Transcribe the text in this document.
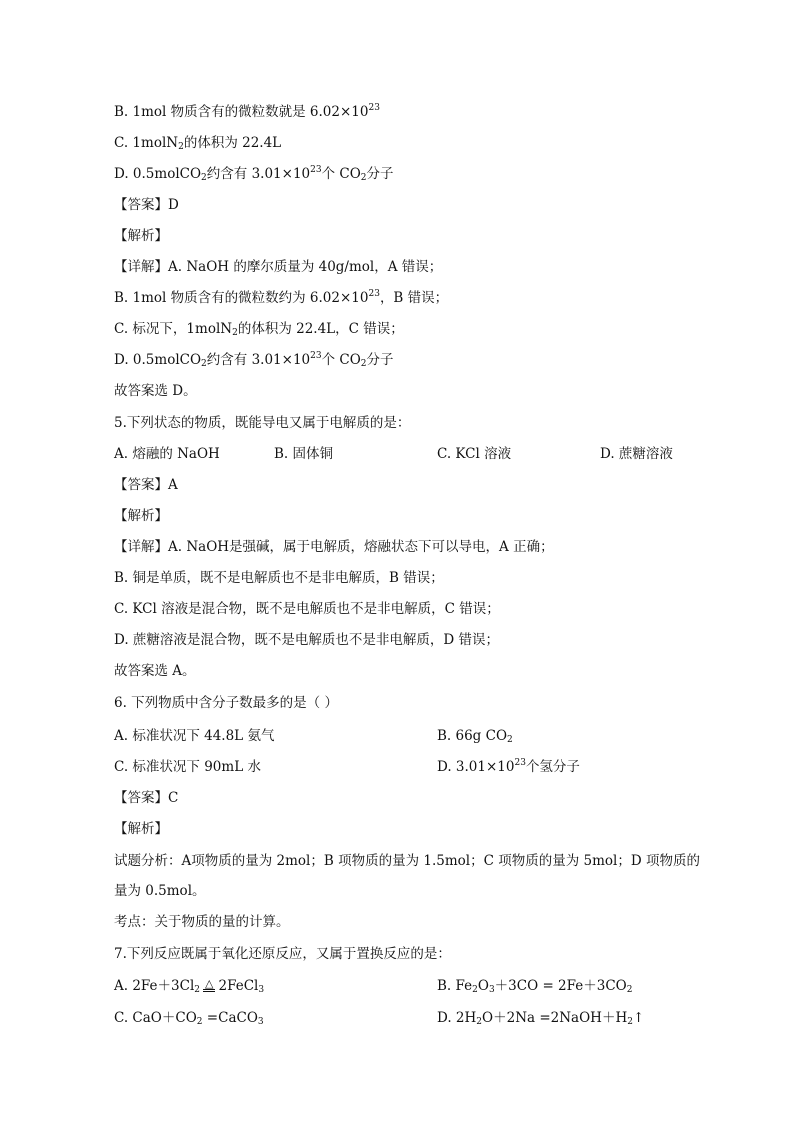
B. 1mol 物质含有的微粒数就是 $6.02\times 10^{23}$
C. 1molN$_2$的体积为 22.4L
D. 0.5molCO$_2$约含有 $3.01\times 10^{23}$个 $CO_2$分子
【答案】D
【解析】
【详解】A. NaOH 的摩尔质量为 40g/mol，A 错误；
B. 1mol 物质含有的微粒数约为 $6.02\times 10^{23}$，B 错误；
C. 标况下，1molN$_2$的体积为 22.4L，C 错误；
D. 0.5molCO$_2$约含有 $3.01\times 10^{23}$个 $CO_2$分子
故答案选 D。
5.下列状态的物质，既能导电又属于电解质的是：
A. 熔融的 NaOH	B. 固体铜	C. KCl 溶液	D. 蔗糖溶液
【答案】A
【解析】
【详解】A. NaOH是强碱，属于电解质，熔融状态下可以导电，A 正确；
B. 铜是单质，既不是电解质也不是非电解质，B 错误；
C. KCl 溶液是混合物，既不是电解质也不是非电解质，C 错误；
D. 蔗糖溶液是混合物，既不是电解质也不是非电解质，D 错误；
故答案选 A。
6. 下列物质中含分子数最多的是（ ）
A. 标准状况下 44.8L 氨气	B. 66g $CO_2$
C. 标准状况下 90mL 水	D. $3.01\times 10^{23}$个氢分子
【答案】C
【解析】
试题分析：A项物质的量为 2mol；B 项物质的量为 1.5mol；C 项物质的量为 5mol；D 项物质的
量为 0.5mol。
考点：关于物质的量的计算。
7.下列反应既属于氧化还原反应，又属于置换反应的是：
A. $2Fe+3Cl_2$ △ 2FeCl$_3$	B. $Fe_2O_3+3CO = 2Fe+3CO_2$
C. $CaO+CO_2$ =CaCO$_3$	D. $2H_2O+2Na$ $=2NaOH+H_2↑$
